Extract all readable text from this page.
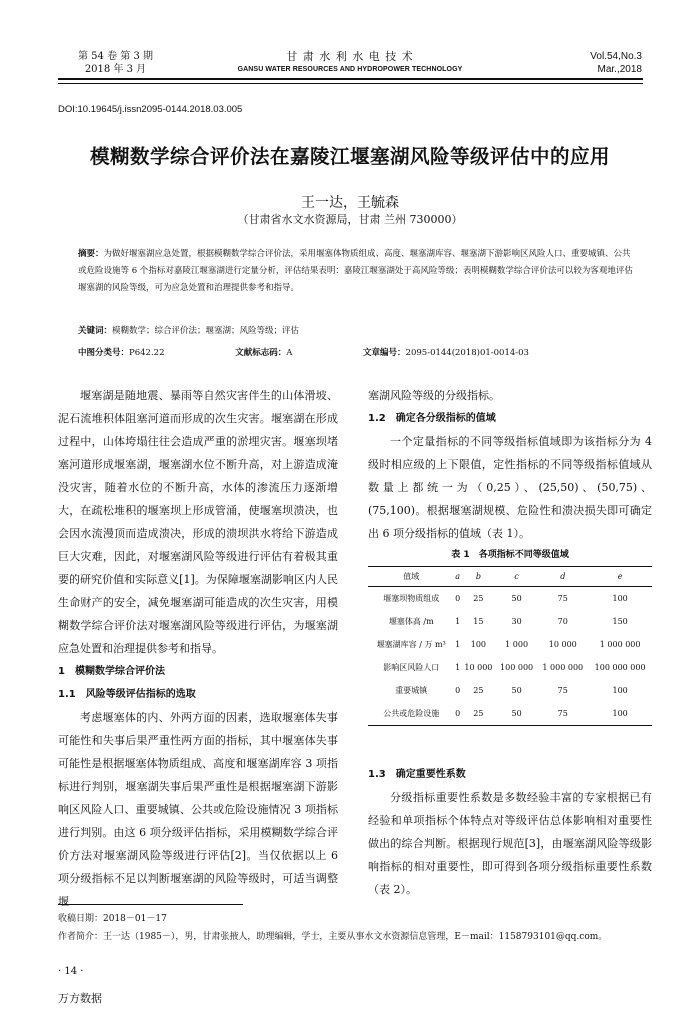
第 54 卷 第 3 期
2018 年 3 月
甘 肃 水 利 水 电 技 术
GANSU WATER RESOURCES AND HYDROPOWER TECHNOLOGY
Vol.54,No.3
Mar.,2018
DOI:10.19645/j.issn2095-0144.2018.03.005
模糊数学综合评价法在嘉陵江堰塞湖风险等级评估中的应用
王一达，王毓森
（甘肃省水文水资源局，甘肃 兰州 730000）
摘要：为做好堰塞湖应急处置，根据模糊数学综合评价法，采用堰塞体物质组成、高度、堰塞湖库容、堰塞湖下游影响区风险人口、重要城镇、公共或危险设施等 6 个指标对嘉陵江堰塞湖进行定量分析，评估结果表明：嘉陵江堰塞湖处于高风险等级；表明模糊数学综合评价法可以较为客观地评估堰塞湖的风险等级，可为应急处置和治理提供参考和指导。
关键词：模糊数学；综合评价法；堰塞湖；风险等级；评估
中图分类号：P642.22	文献标志码：A	文章编号：2095-0144(2018)01-0014-03

堰塞湖是随地震、暴雨等自然灾害伴生的山体滑坡、泥石流堆积体阻塞河道而形成的次生灾害。堰塞湖在形成过程中，山体垮塌往往会造成严重的淤埋灾害。堰塞坝堵塞河道形成堰塞湖，堰塞湖水位不断升高，对上游造成淹没灾害，随着水位的不断升高，水体的渗流压力逐渐增大，在疏松堆积的堰塞坝上形成管涌，使堰塞坝溃决，也会因水流漫顶而造成溃决，形成的溃坝洪水将给下游造成巨大灾难，因此，对堰塞湖风险等级进行评估有着极其重要的研究价值和实际意义[1]。为保障堰塞湖影响区内人民生命财产的安全，减免堰塞湖可能造成的次生灾害，用模糊数学综合评价法对堰塞湖风险等级进行评估，为堰塞湖应急处置和治理提供参考和指导。

1　模糊数学综合评价法

1.1　风险等级评估指标的选取

考虑堰塞体的内、外两方面的因素，选取堰塞体失事可能性和失事后果严重性两方面的指标，其中堰塞体失事可能性是根据堰塞体物质组成、高度和堰塞湖库容 3 项指标进行判别，堰塞湖失事后果严重性是根据堰塞湖下游影响区风险人口、重要城镇、公共或危险设施情况 3 项指标进行判别。由这 6 项分级评估指标，采用模糊数学综合评价方法对堰塞湖风险等级进行评估[2]。当仅依据以上 6 项分级指标不足以判断堰塞湖的风险等级时，可适当调整堰

塞湖风险等级的分级指标。

1.2　确定各分级指标的值域

一个定量指标的不同等级指标值域即为该指标分为 4 级时相应级的上下限值，定性指标的不同等级指标值域从数量上都统一为（0,25）、(25,50)、(50,75)、(75,100)。根据堰塞湖规模、危险性和溃决损失即可确定出 6 项分级指标的值域（表 1）。

表 1　各项指标不同等级值域
值域	a	b	c	d	e
堰塞坝物质组成	0	25	50	75	100
堰塞体高 /m	1	15	30	70	150
堰塞湖库容 / 万 m³	1	100	1 000	10 000	1 000 000
影响区风险人口	1	10 000	100 000	1 000 000	100 000 000
重要城镇	0	25	50	75	100
公共或危险设施	0	25	50	75	100

1.3　确定重要性系数

分级指标重要性系数是多数经验丰富的专家根据已有经验和单项指标个体特点对等级评估总体影响相对重要性做出的综合判断。根据现行规范[3]，由堰塞湖风险等级影响指标的相对重要性，即可得到各项分级指标重要性系数（表 2）。

收稿日期：2018－01－17
作者简介：王一达（1985－），男，甘肃张掖人，助理编辑，学士，主要从事水文水资源信息管理，E－mail：1158793101@qq.com。
· 14 ·
万方数据
